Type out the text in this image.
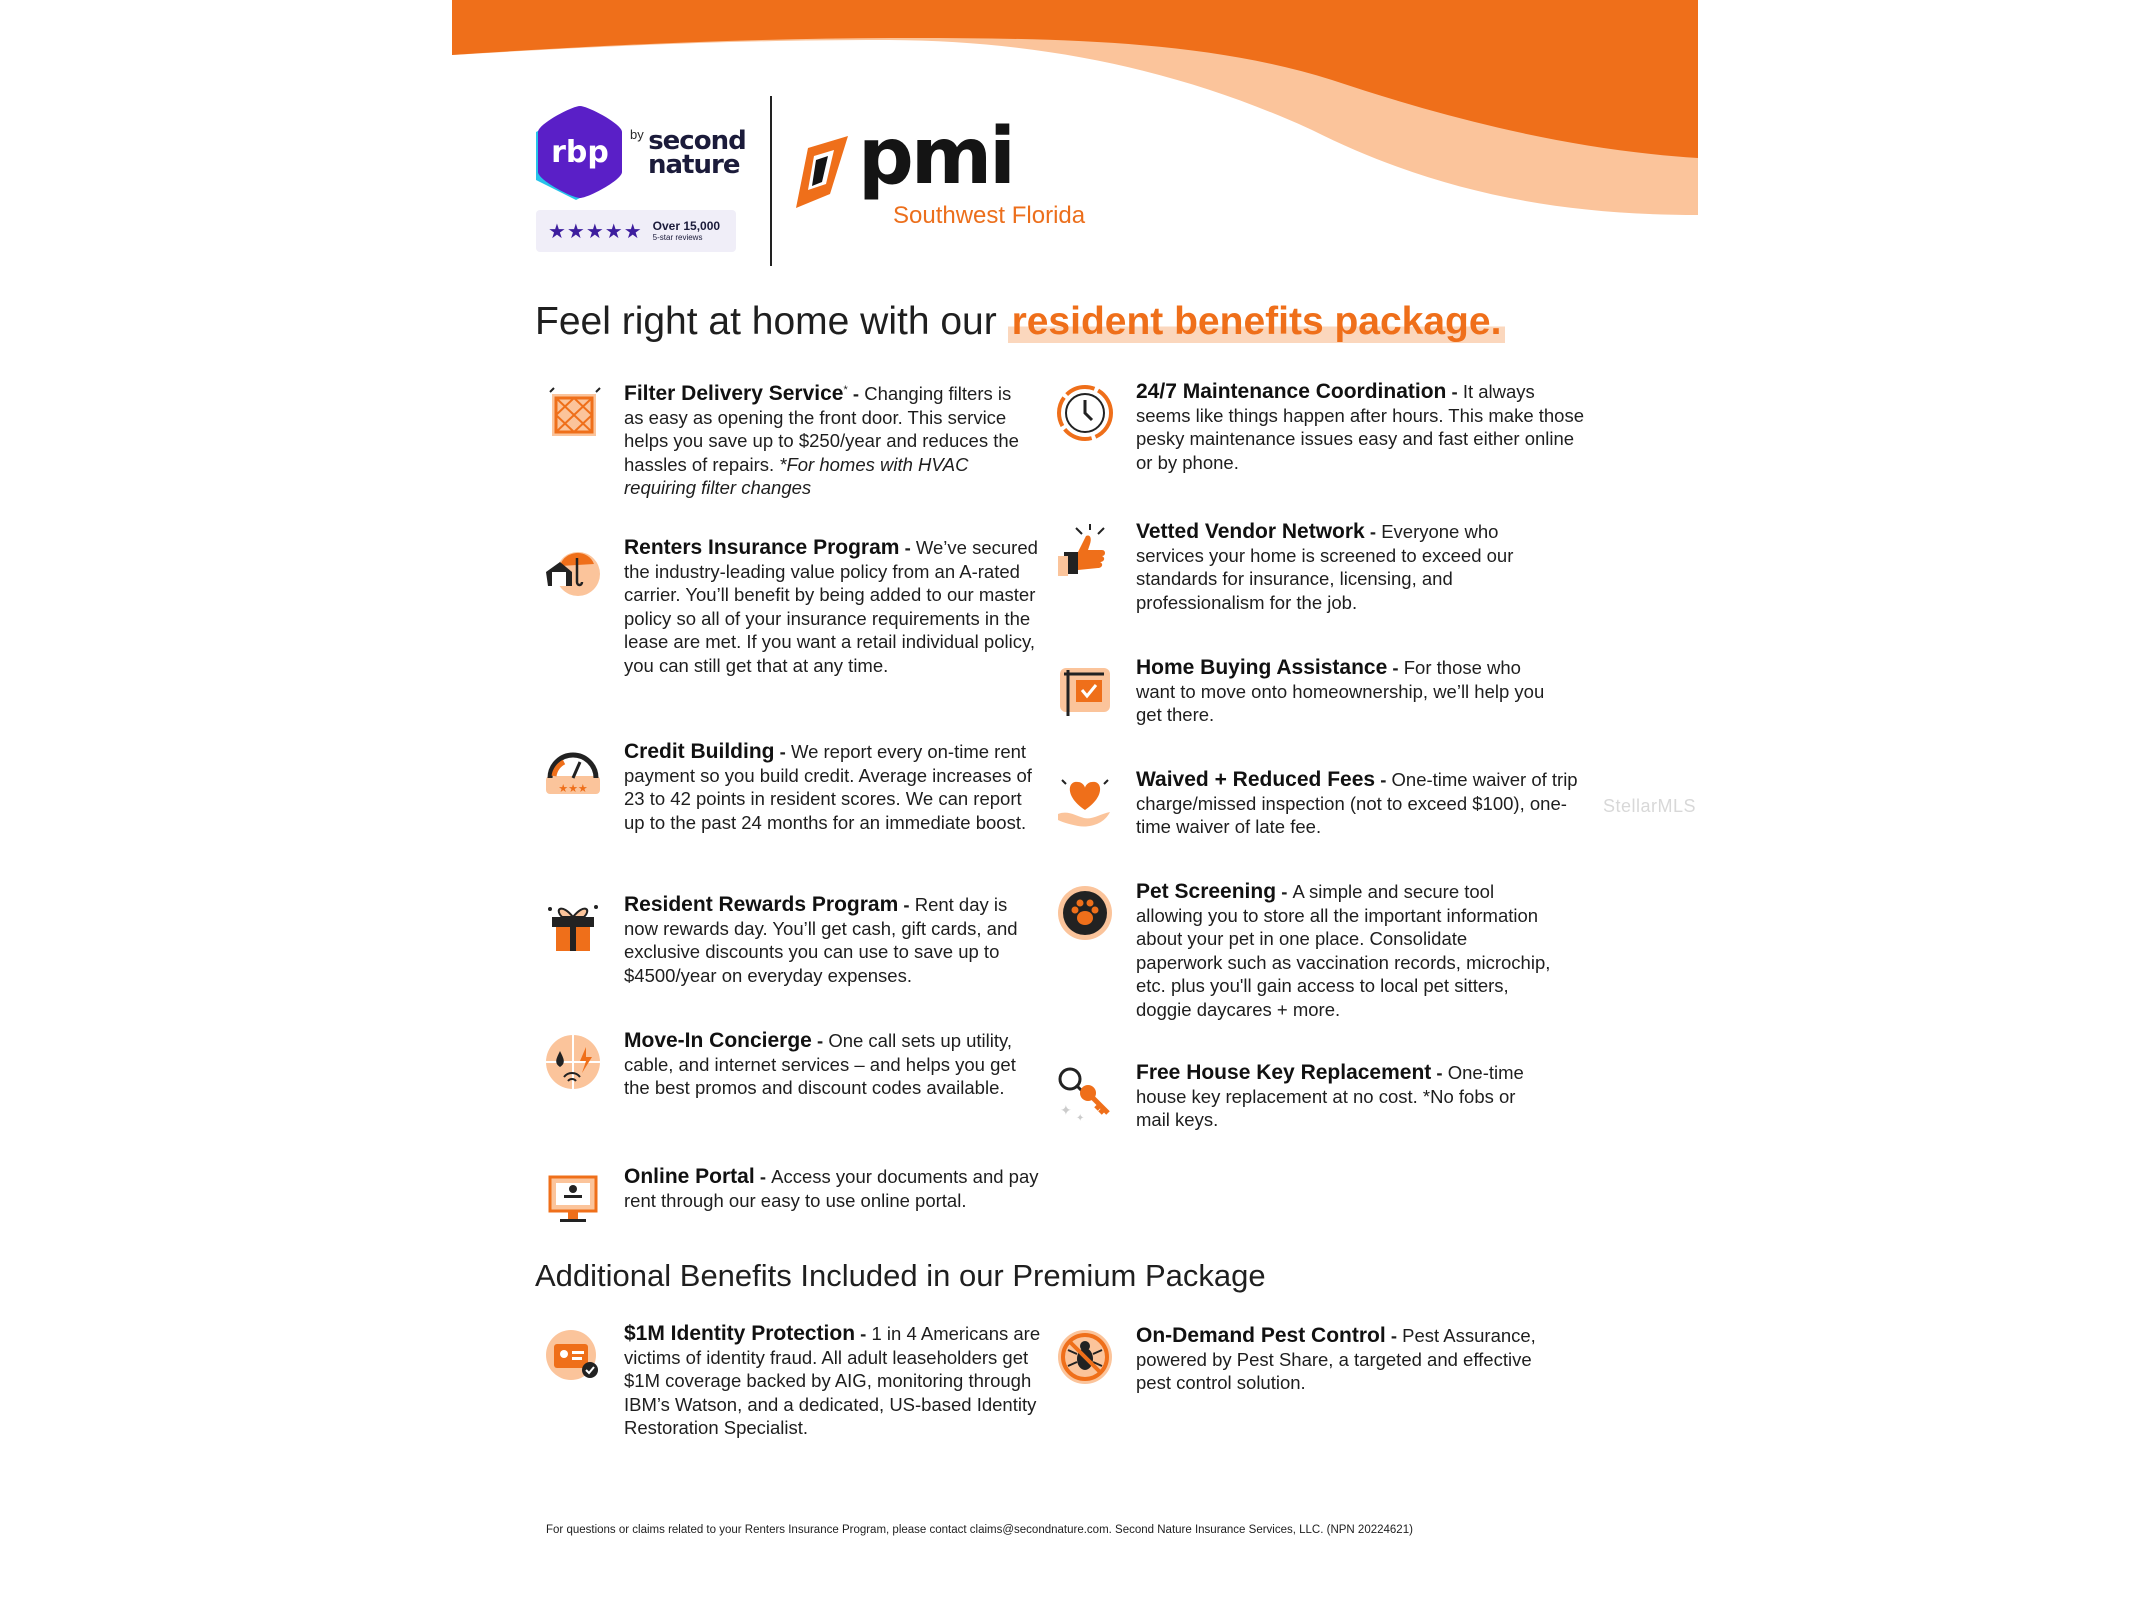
rbp
$^{by}$ second
nature
★★★★★ Over 15,000
5-star reviews
pmi
Southwest Florida
Feel right at home with our resident benefits package.
Filter Delivery Service* - Changing filters is as easy as opening the front door. This service helps you save up to $250/year and reduces the hassles of repairs. *For homes with HVAC requiring filter changes
Renters Insurance Program - We’ve secured the industry-leading value policy from an A-rated carrier. You’ll benefit by being added to our master policy so all of your insurance requirements in the lease are met. If you want a retail individual policy, you can still get that at any time.
★★★
Credit Building - We report every on-time rent payment so you build credit. Average increases of 23 to 42 points in resident scores. We can report up to the past 24 months for an immediate boost.
Resident Rewards Program - Rent day is now rewards day. You’ll get cash, gift cards, and exclusive discounts you can use to save up to $4500/year on everyday expenses.
Move-In Concierge - One call sets up utility, cable, and internet services – and helps you get the best promos and discount codes available.
Online Portal - Access your documents and pay rent through our easy to use online portal.
24/7 Maintenance Coordination - It always seems like things happen after hours. This make those pesky maintenance issues easy and fast either online or by phone.
Vetted Vendor Network - Everyone who services your home is screened to exceed our standards for insurance, licensing, and professionalism for the job.
Home Buying Assistance - For those who want to move onto homeownership, we’ll help you get there.
Waived + Reduced Fees - One-time waiver of trip charge/missed inspection (not to exceed $100), one-time waiver of late fee.
Pet Screening - A simple and secure tool allowing you to store all the important information about your pet in one place. Consolidate paperwork such as vaccination records, microchip, etc. plus you'll gain access to local pet sitters, doggie daycares + more.
✦
✦
Free House Key Replacement - One-time house key replacement at no cost. *No fobs or mail keys.
Additional Benefits Included in our Premium Package
$1M Identity Protection - 1 in 4 Americans are victims of identity fraud. All adult leaseholders get $1M coverage backed by AIG, monitoring through IBM’s Watson, and a dedicated, US-based Identity Restoration Specialist.
On-Demand Pest Control - Pest Assurance, powered by Pest Share, a targeted and effective pest control solution.
For questions or claims related to your Renters Insurance Program, please contact claims@secondnature.com. Second Nature Insurance Services, LLC. (NPN 20224621)
StellarMLS
